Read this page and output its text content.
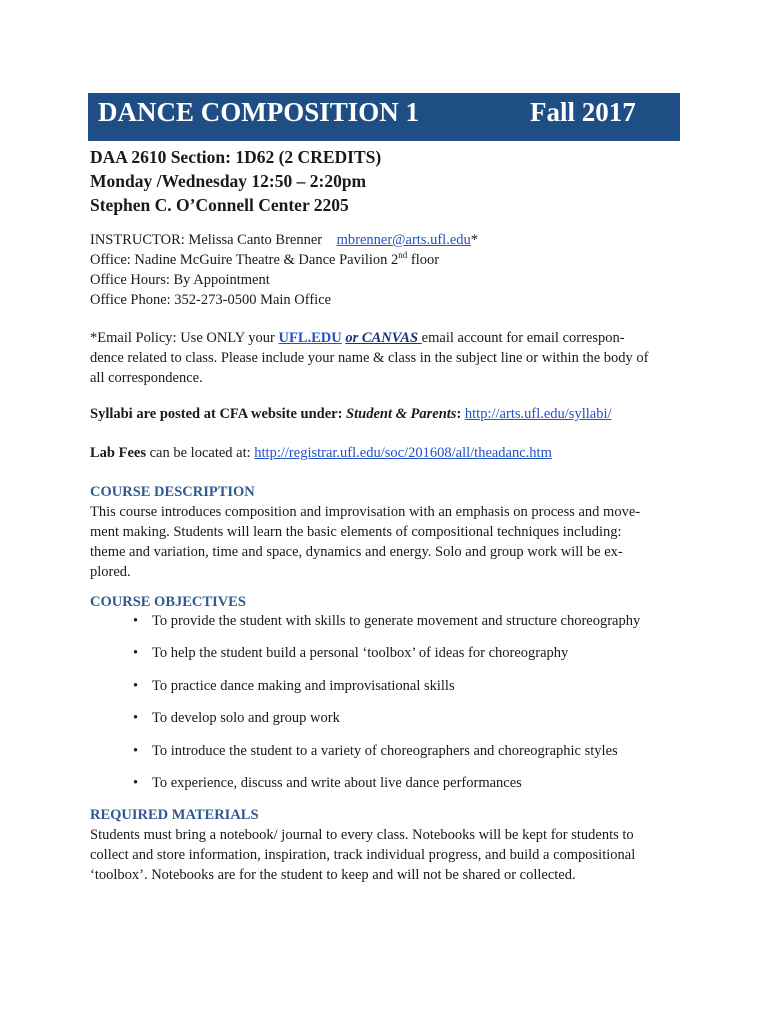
DANCE COMPOSITION 1	Fall 2017
DAA 2610 Section: 1D62 (2 CREDITS)
Monday /Wednesday 12:50 – 2:20pm
Stephen C. O’Connell Center 2205
INSTRUCTOR: Melissa Canto Brenner mbrenner@arts.ufl.edu*
Office: Nadine McGuire Theatre & Dance Pavilion 2nd floor
Office Hours: By Appointment
Office Phone: 352-273-0500 Main Office
*Email Policy: Use ONLY your UFL.EDU or CANVAS email account for email correspon-
dence related to class. Please include your name & class in the subject line or within the body of
all correspondence.
Syllabi are posted at CFA website under: Student & Parents: http://arts.ufl.edu/syllabi/
Lab Fees can be located at: http://registrar.ufl.edu/soc/201608/all/theadanc.htm
COURSE DESCRIPTION
This course introduces composition and improvisation with an emphasis on process and move-
ment making. Students will learn the basic elements of compositional techniques including:
theme and variation, time and space, dynamics and energy. Solo and group work will be ex-
plored.
COURSE OBJECTIVES
• To provide the student with skills to generate movement and structure choreography
• To help the student build a personal ‘toolbox’ of ideas for choreography
• To practice dance making and improvisational skills
• To develop solo and group work
• To introduce the student to a variety of choreographers and choreographic styles
• To experience, discuss and write about live dance performances
REQUIRED MATERIALS
Students must bring a notebook/ journal to every class. Notebooks will be kept for students to
collect and store information, inspiration, track individual progress, and build a compositional
‘toolbox’. Notebooks are for the student to keep and will not be shared or collected.
